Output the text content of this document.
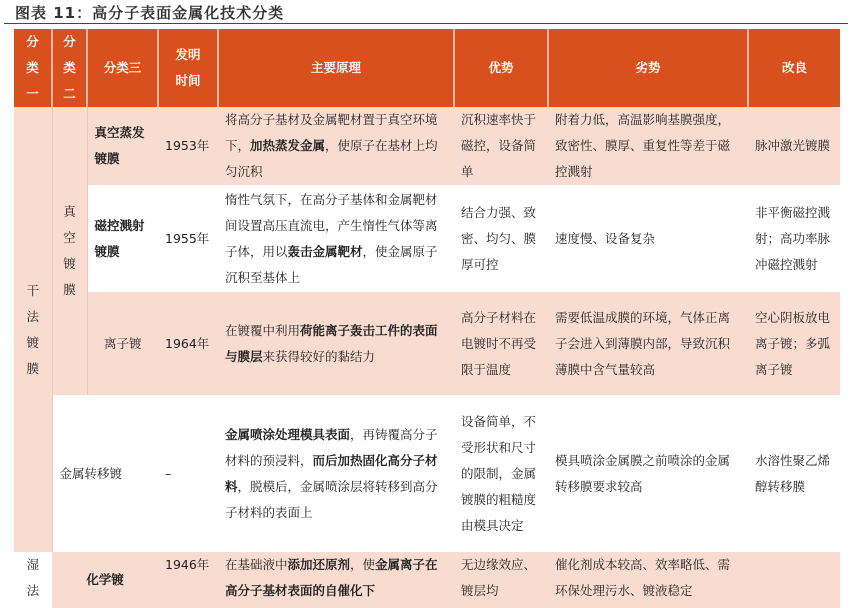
图表 11：高分子表面金属化技术分类
分类一	分类二	分类三	发明时间	主要原理	优势	劣势	改良
干法镀膜	真空镀膜	真空蒸发镀膜	1953年	将高分子基材及金属靶材置于真空环境下，加热蒸发金属，使原子在基材上均匀沉积	沉积速率快于磁控，设备简单	附着力低，高温影响基膜强度，致密性、膜厚、重复性等差于磁控溅射	脉冲激光镀膜
		磁控溅射镀膜	1955年	惰性气氛下，在高分子基体和金属靶材间设置高压直流电，产生惰性气体等离子体，用以轰击金属靶材，使金属原子沉积至基体上	结合力强、致密、均匀、膜厚可控	速度慢、设备复杂	非平衡磁控溅射；高功率脉冲磁控溅射
		离子镀	1964年	在镀覆中利用荷能离子轰击工件的表面与膜层来获得较好的黏结力	高分子材料在电镀时不再受限于温度	需要低温成膜的环境，气体正离子会进入到薄膜内部，导致沉积薄膜中含气量较高	空心阴板放电离子镀；多弧离子镀
	金属转移镀		–	金属喷涂处理模具表面，再铸覆高分子材料的预浸料，而后加热固化高分子材料，脱模后，金属喷涂层将转移到高分子材料的表面上	设备简单，不受形状和尺寸的限制，金属镀膜的粗糙度由模具决定	模具喷涂金属膜之前喷涂的金属转移膜要求较高	水溶性聚乙烯醇转移膜
湿法	化学镀		1946年	在基础液中添加还原剂，使金属离子在高分子基材表面的自催化下	无边缘效应、镀层均	催化剂成本较高、效率略低、需环保处理污水、镀液稳定	
